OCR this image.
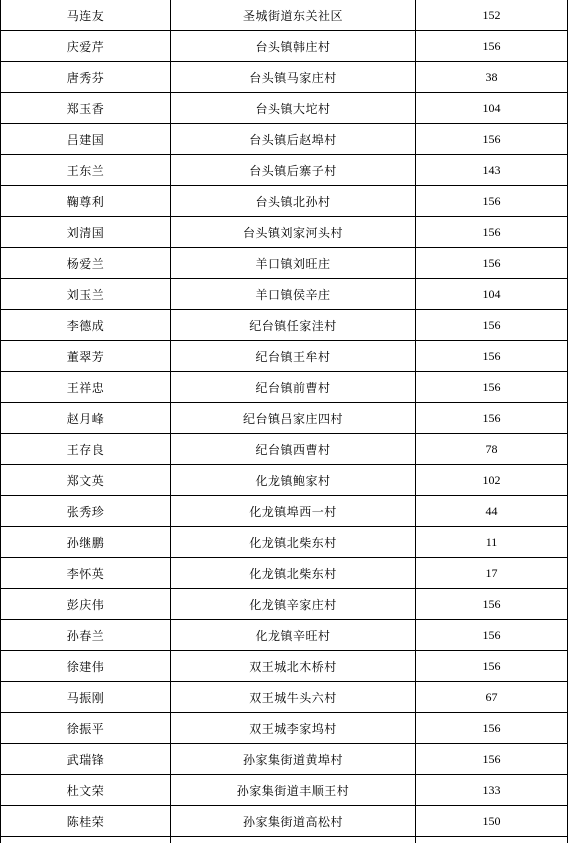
马连友	圣城街道东关社区	152
庆爱芹	台头镇韩庄村	156
唐秀芬	台头镇马家庄村	38
郑玉香	台头镇大坨村	104
吕建国	台头镇后赵埠村	156
王东兰	台头镇后寨子村	143
鞠尊利	台头镇北孙村	156
刘清国	台头镇刘家河头村	156
杨爱兰	羊口镇刘旺庄	156
刘玉兰	羊口镇侯辛庄	104
李德成	纪台镇任家洼村	156
董翠芳	纪台镇王牟村	156
王祥忠	纪台镇前曹村	156
赵月峰	纪台镇吕家庄四村	156
王存良	纪台镇西曹村	78
郑文英	化龙镇鲍家村	102
张秀珍	化龙镇埠西一村	44
孙继鹏	化龙镇北柴东村	11
李怀英	化龙镇北柴东村	17
彭庆伟	化龙镇辛家庄村	156
孙春兰	化龙镇辛旺村	156
徐建伟	双王城北木桥村	156
马振刚	双王城牛头六村	67
徐振平	双王城李家坞村	156
武瑞锋	孙家集街道黄埠村	156
杜文荣	孙家集街道丰顺王村	133
陈桂荣	孙家集街道高松村	150
